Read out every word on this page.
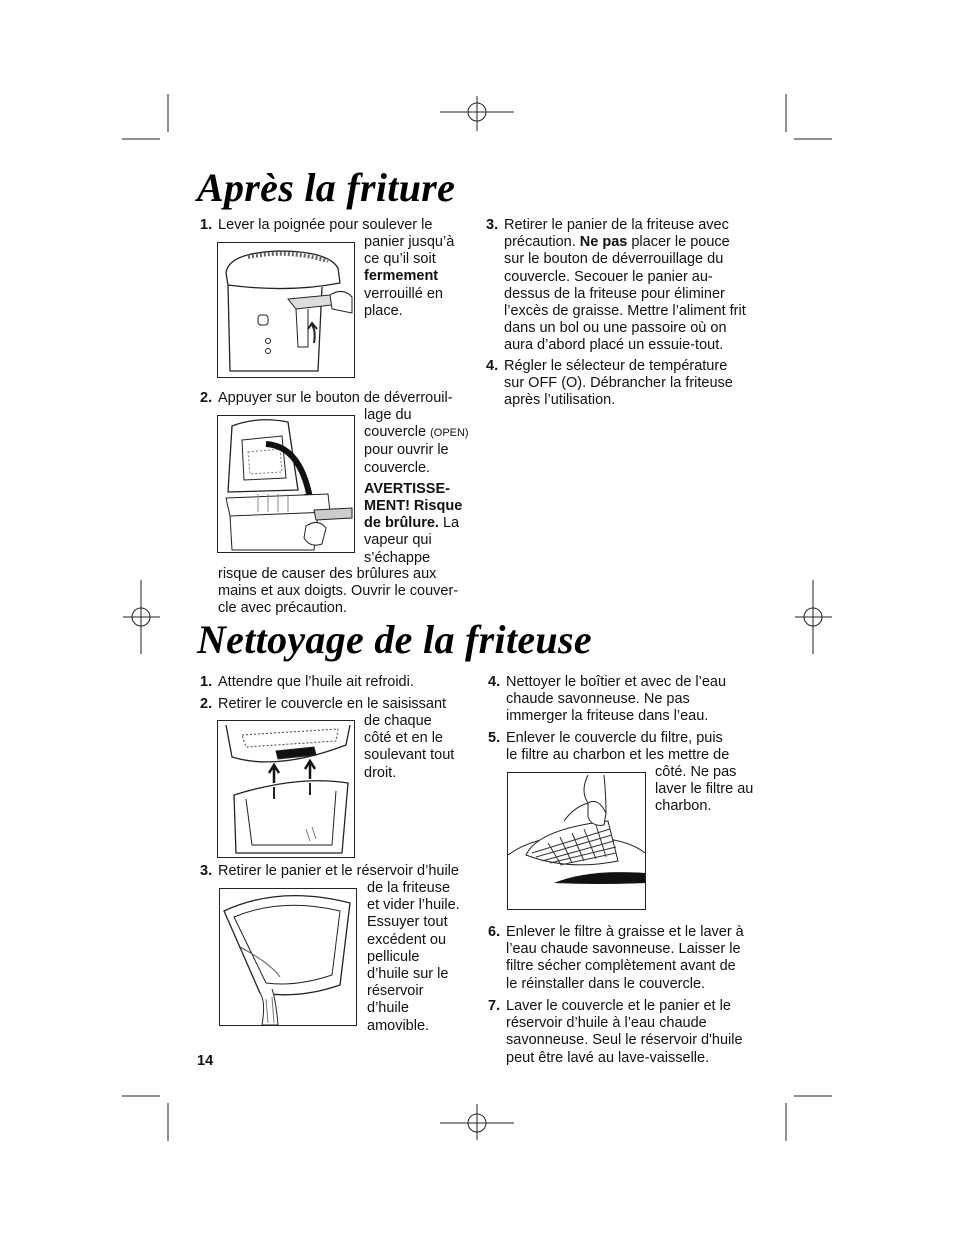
Après la friture
1. Lever la poignée pour soulever le
panier jusqu’à
ce qu’il soit
fermement
verrouillé en
place.
2. Appuyer sur le bouton de déverrouil-
lage du
couvercle (OPEN)
pour ouvrir le
couvercle.
AVERTISSE-
MENT! Risque
de brûlure. La
vapeur qui
s’échappe
risque de causer des brûlures aux
mains et aux doigts. Ouvrir le couver-
cle avec précaution.
3. Retirer le panier de la friteuse avec
précaution. Ne pas placer le pouce
sur le bouton de déverrouillage du
couvercle. Secouer le panier au-
dessus de la friteuse pour éliminer
l’excès de graisse. Mettre l’aliment frit
dans un bol ou une passoire où on
aura d’abord placé un essuie-tout.
4. Régler le sélecteur de température
sur OFF (O). Débrancher la friteuse
après l’utilisation.
Nettoyage de la friteuse
1. Attendre que l’huile ait refroidi.
2. Retirer le couvercle en le saisissant
de chaque
côté et en le
soulevant tout
droit.
3. Retirer le panier et le réservoir d’huile
de la friteuse
et vider l’huile.
Essuyer tout
excédent ou
pellicule
d’huile sur le
réservoir
d’huile
amovible.
4. Nettoyer le boîtier et avec de l’eau
chaude savonneuse. Ne pas
immerger la friteuse dans l’eau.
5. Enlever le couvercle du filtre, puis
le filtre au charbon et les mettre de
côté. Ne pas
laver le filtre au
charbon.
6. Enlever le filtre à graisse et le laver à
l’eau chaude savonneuse. Laisser le
filtre sécher complètement avant de
le réinstaller dans le couvercle.
7. Laver le couvercle et le panier et le
réservoir d’huile à l’eau chaude
savonneuse. Seul le réservoir d'huile
peut être lavé au lave-vaisselle.
14
